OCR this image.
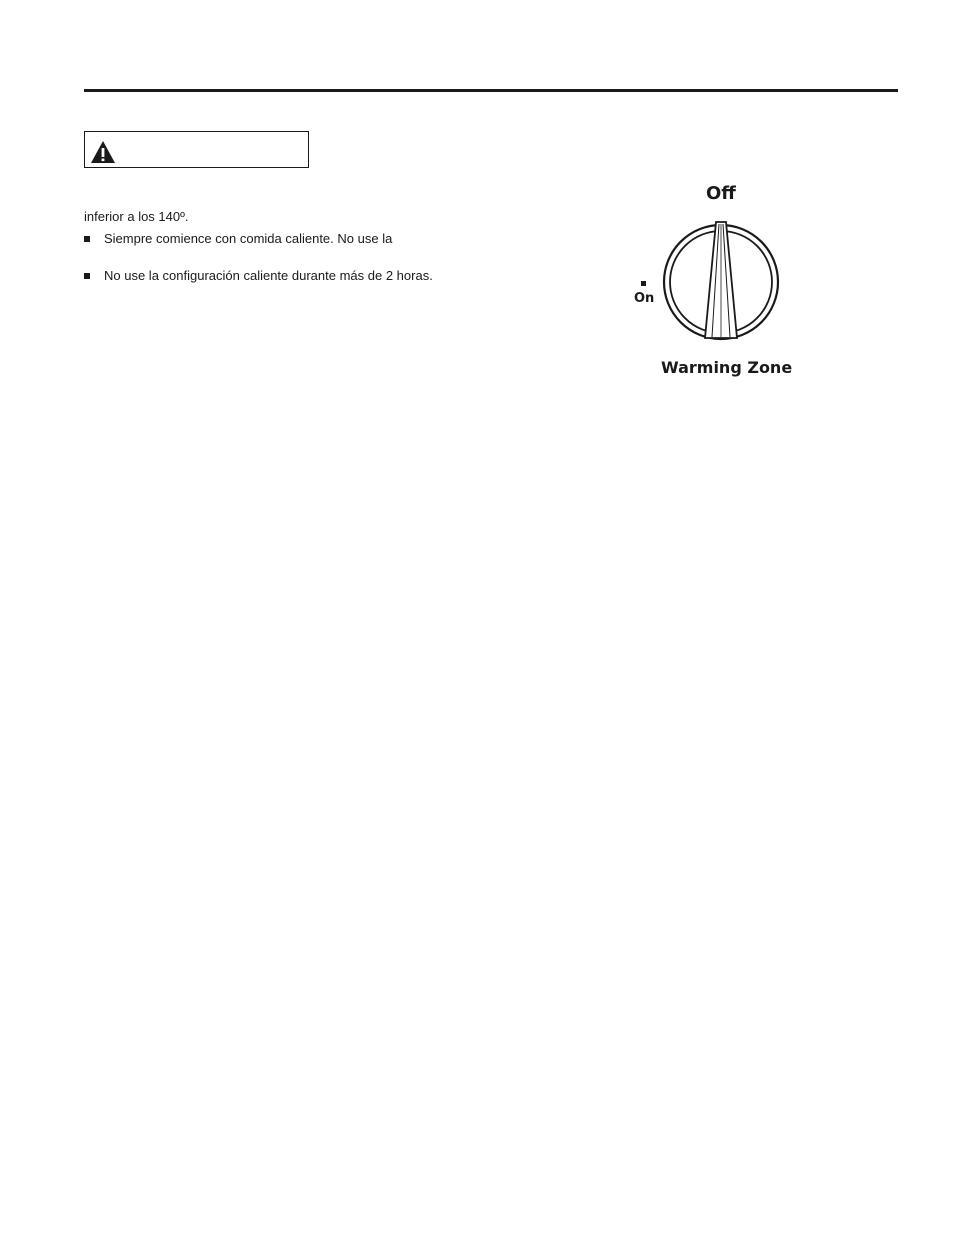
inferior a los 140º.
Siempre comience con comida caliente. No use la
No use la configuración caliente durante más de 2 horas.
Off
On
Warming Zone
